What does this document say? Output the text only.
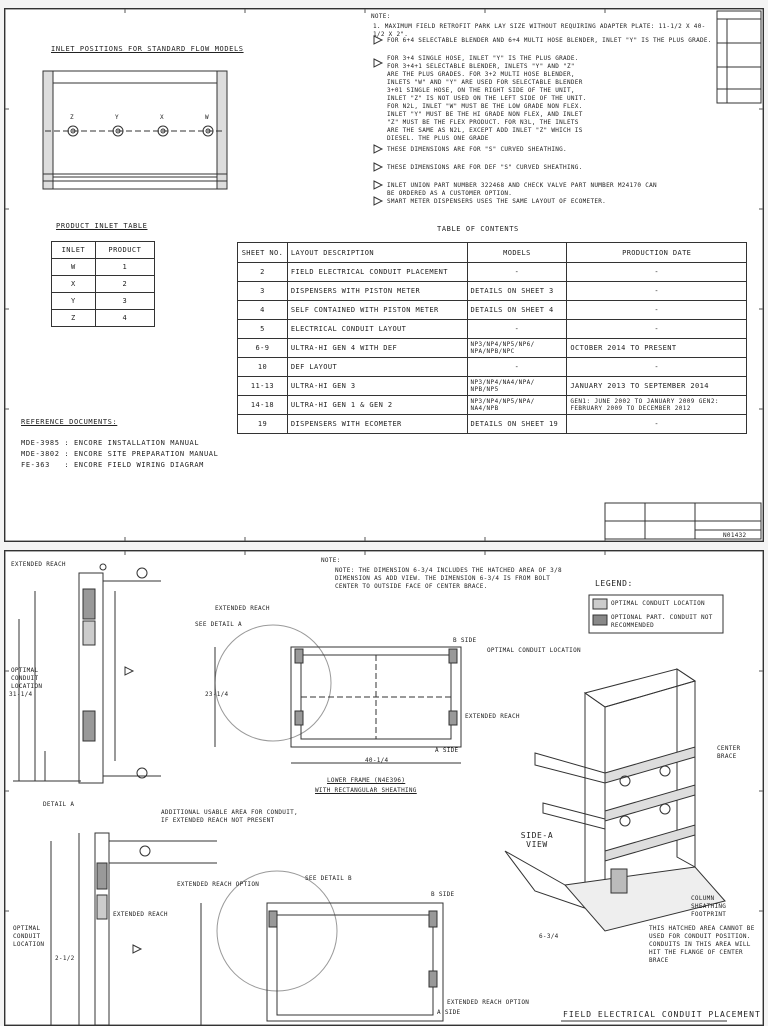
INLET POSITIONS FOR STANDARD FLOW MODELS
Z	Y	X	W
NOTE:
1. MAXIMUM FIELD RETROFIT PARK LAY SIZE WITHOUT REQUIRING ADAPTER PLATE: 11-1/2 X 40-1/2 X 2".
FOR 6+4 SELECTABLE BLENDER AND 6+4 MULTI HOSE BLENDER, INLET "Y" IS THE PLUS GRADE.
FOR 3+4 SINGLE HOSE, INLET "Y" IS THE PLUS GRADE. FOR 3+4+1 SELECTABLE BLENDER, INLETS "Y" AND "Z" ARE THE PLUS GRADES. FOR 3+2 MULTI HOSE BLENDER, INLETS "W" AND "Y" ARE USED FOR SELECTABLE BLENDER 3+01 SINGLE HOSE, ON THE RIGHT SIDE OF THE UNIT, INLET "Z" IS NOT USED ON THE LEFT SIDE OF THE UNIT. FOR N2L, INLET "W" MUST BE THE LOW GRADE NON FLEX. INLET "Y" MUST BE THE HI GRADE NON FLEX, AND INLET "Z" MUST BE THE FLEX PRODUCT. FOR N3L, THE INLETS ARE THE SAME AS N2L, EXCEPT ADD INLET "Z" WHICH IS DIESEL. THE PLUS ONE GRADE
THESE DIMENSIONS ARE FOR "S" CURVED SHEATHING.
THESE DIMENSIONS ARE FOR DEF "S" CURVED SHEATHING.
INLET UNION PART NUMBER 322468 AND CHECK VALVE PART NUMBER M24170 CAN BE ORDERED AS A CUSTOMER OPTION.
SMART METER DISPENSERS USES THE SAME LAYOUT OF ECOMETER.
PRODUCT INLET TABLE
INLET	PRODUCT
W	1
X	2
Y	3
Z	4
TABLE OF CONTENTS
SHEET NO.	LAYOUT DESCRIPTION	MODELS	PRODUCTION DATE
2	FIELD ELECTRICAL CONDUIT PLACEMENT	-	-
3	DISPENSERS WITH PISTON METER	DETAILS ON SHEET 3	-
4	SELF CONTAINED WITH PISTON METER	DETAILS ON SHEET 4	-
5	ELECTRICAL CONDUIT LAYOUT	-	-
6-9	ULTRA-HI GEN 4 WITH DEF	NP3/NP4/NP5/NP6/ NPA/NPB/NPC	OCTOBER 2014 TO PRESENT
10	DEF LAYOUT	-	-
11-13	ULTRA-HI GEN 3	NP3/NP4/NA4/NPA/ NPB/NP5	JANUARY 2013 TO SEPTEMBER 2014
14-18	ULTRA-HI GEN 1 & GEN 2	NP3/NP4/NP5/NPA/ NA4/NPB	GEN1: JUNE 2002 TO JANUARY 2009 GEN2: FEBRUARY 2009 TO DECEMBER 2012
19	DISPENSERS WITH ECOMETER	DETAILS ON SHEET 19	-
REFERENCE DOCUMENTS:
MDE-3985 : ENCORE INSTALLATION MANUAL
MDE-3802 : ENCORE SITE PREPARATION MANUAL
FE-363   : ENCORE FIELD WIRING DIAGRAM
N01432
NOTE:
NOTE: THE DIMENSION 6-3/4 INCLUDES THE HATCHED AREA OF 3/8 DIMENSION AS ADD VIEW. THE DIMENSION 6-3/4 IS FROM BOLT CENTER TO OUTSIDE FACE OF CENTER BRACE.	LEGEND:
OPTIMAL CONDUIT LOCATION
OPTIONAL PART. CONDUIT NOT RECOMMENDED
EXTENDED REACH
OPTIMAL CONDUIT LOCATION
31-1/4
DETAIL A
EXTENDED REACH
SEE DETAIL A
B SIDE
OPTIMAL CONDUIT LOCATION
EXTENDED REACH
A SIDE
23-1/4
40-1/4
LOWER FRAME (N4E396)
WITH RECTANGULAR SHEATHING
ADDITIONAL USABLE AREA FOR CONDUIT, IF EXTENDED REACH NOT PRESENT
OPTIMAL CONDUIT LOCATION
EXTENDED REACH
2-1/2
EXTENDED REACH OPTION
SEE DETAIL B
B SIDE
EXTENDED REACH OPTION
A SIDE
SIDE-A VIEW
CENTER BRACE
COLUMN SHEATHING FOOTPRINT
THIS HATCHED AREA CANNOT BE USED FOR CONDUIT POSITION. CONDUITS IN THIS AREA WILL HIT THE FLANGE OF CENTER BRACE
6-3/4
FIELD ELECTRICAL CONDUIT PLACEMENT
